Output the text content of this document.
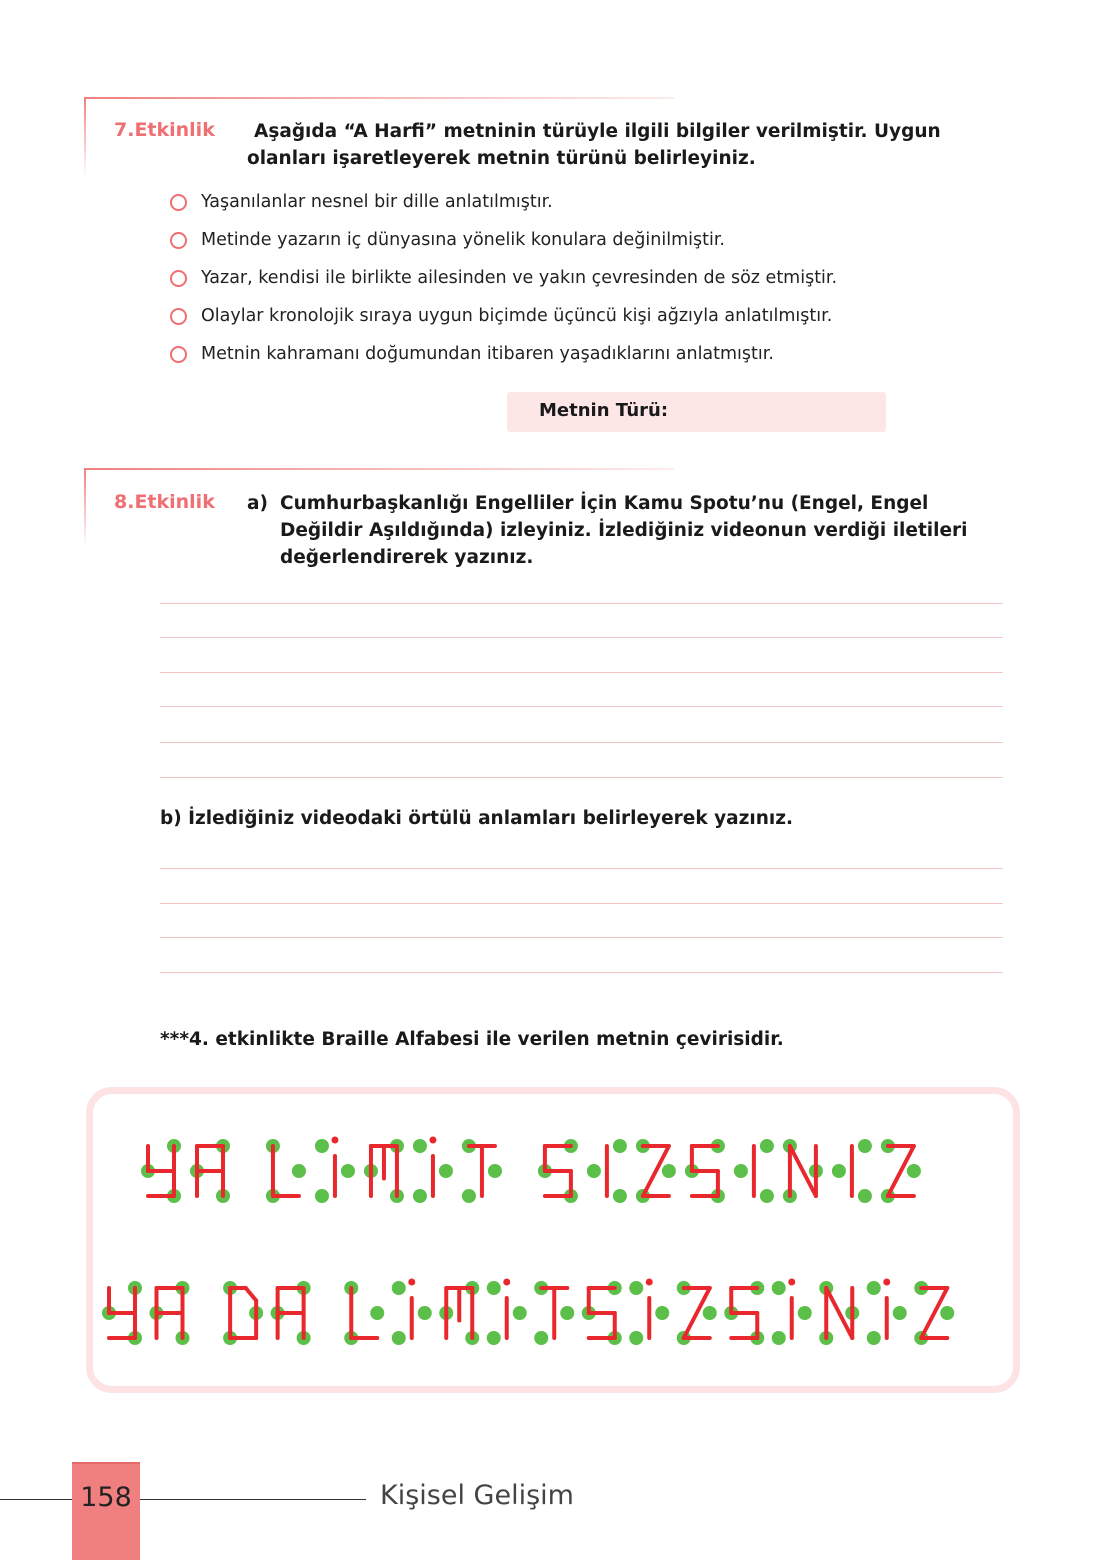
7.Etkinlik Aşağıda “A Harfi” metninin türüyle ilgili bilgiler verilmiştir. Uygun
olanları işaretleyerek metnin türünü belirleyiniz.
Yaşanılanlar nesnel bir dille anlatılmıştır.
Metinde yazarın iç dünyasına yönelik konulara değinilmiştir.
Yazar, kendisi ile birlikte ailesinden ve yakın çevresinden de söz etmiştir.
Olaylar kronolojik sıraya uygun biçimde üçüncü kişi ağzıyla anlatılmıştır.
Metnin kahramanı doğumundan itibaren yaşadıklarını anlatmıştır.
Metnin Türü:
8.Etkinlik a) Cumhurbaşkanlığı Engelliler İçin Kamu Spotu’nu (Engel, Engel
Değildir Aşıldığında) izleyiniz. İzlediğiniz videonun verdiği iletileri
değerlendirerek yazınız.
b) İzlediğiniz videodaki örtülü anlamları belirleyerek yazınız.
***4. etkinlikte Braille Alfabesi ile verilen metnin çevirisidir.
158	Kişisel Gelişim
